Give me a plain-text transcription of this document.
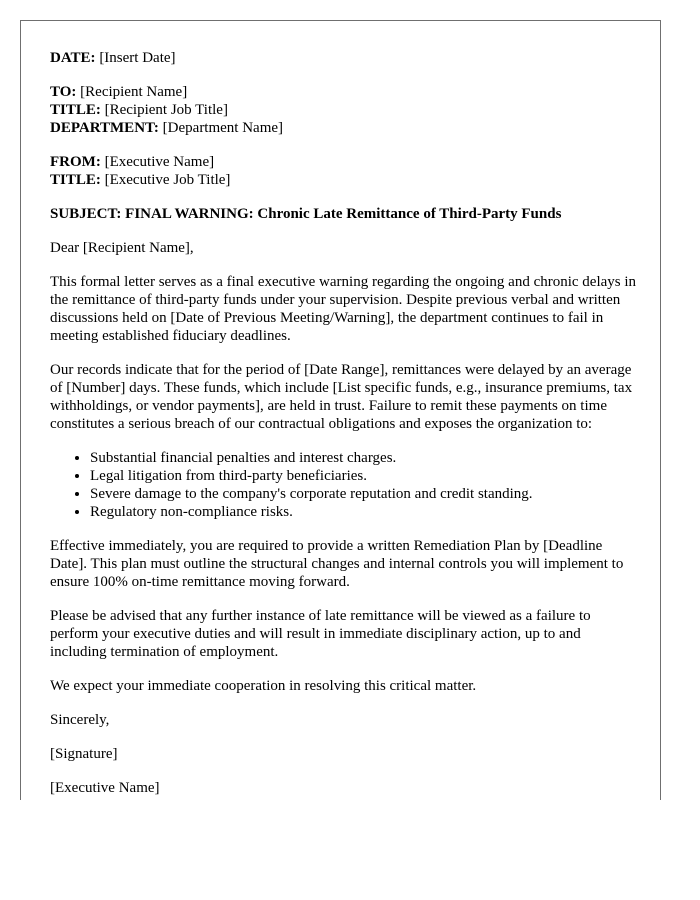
DATE: [Insert Date]
TO: [Recipient Name]
TITLE: [Recipient Job Title]
DEPARTMENT: [Department Name]
FROM: [Executive Name]
TITLE: [Executive Job Title]
SUBJECT: FINAL WARNING: Chronic Late Remittance of Third-Party Funds

Dear [Recipient Name],

This formal letter serves as a final executive warning regarding the ongoing and chronic delays in the remittance of third-party funds under your supervision. Despite previous verbal and written discussions held on [Date of Previous Meeting/Warning], the department continues to fail in meeting established fiduciary deadlines.

Our records indicate that for the period of [Date Range], remittances were delayed by an average of [Number] days. These funds, which include [List specific funds, e.g., insurance premiums, tax withholdings, or vendor payments], are held in trust. Failure to remit these payments on time constitutes a serious breach of our contractual obligations and exposes the organization to:

• Substantial financial penalties and interest charges.
• Legal litigation from third-party beneficiaries.
• Severe damage to the company's corporate reputation and credit standing.
• Regulatory non-compliance risks.

Effective immediately, you are required to provide a written Remediation Plan by [Deadline Date]. This plan must outline the structural changes and internal controls you will implement to ensure 100% on-time remittance moving forward.

Please be advised that any further instance of late remittance will be viewed as a failure to perform your executive duties and will result in immediate disciplinary action, up to and including termination of employment.

We expect your immediate cooperation in resolving this critical matter.

Sincerely,

[Signature]

[Executive Name]
